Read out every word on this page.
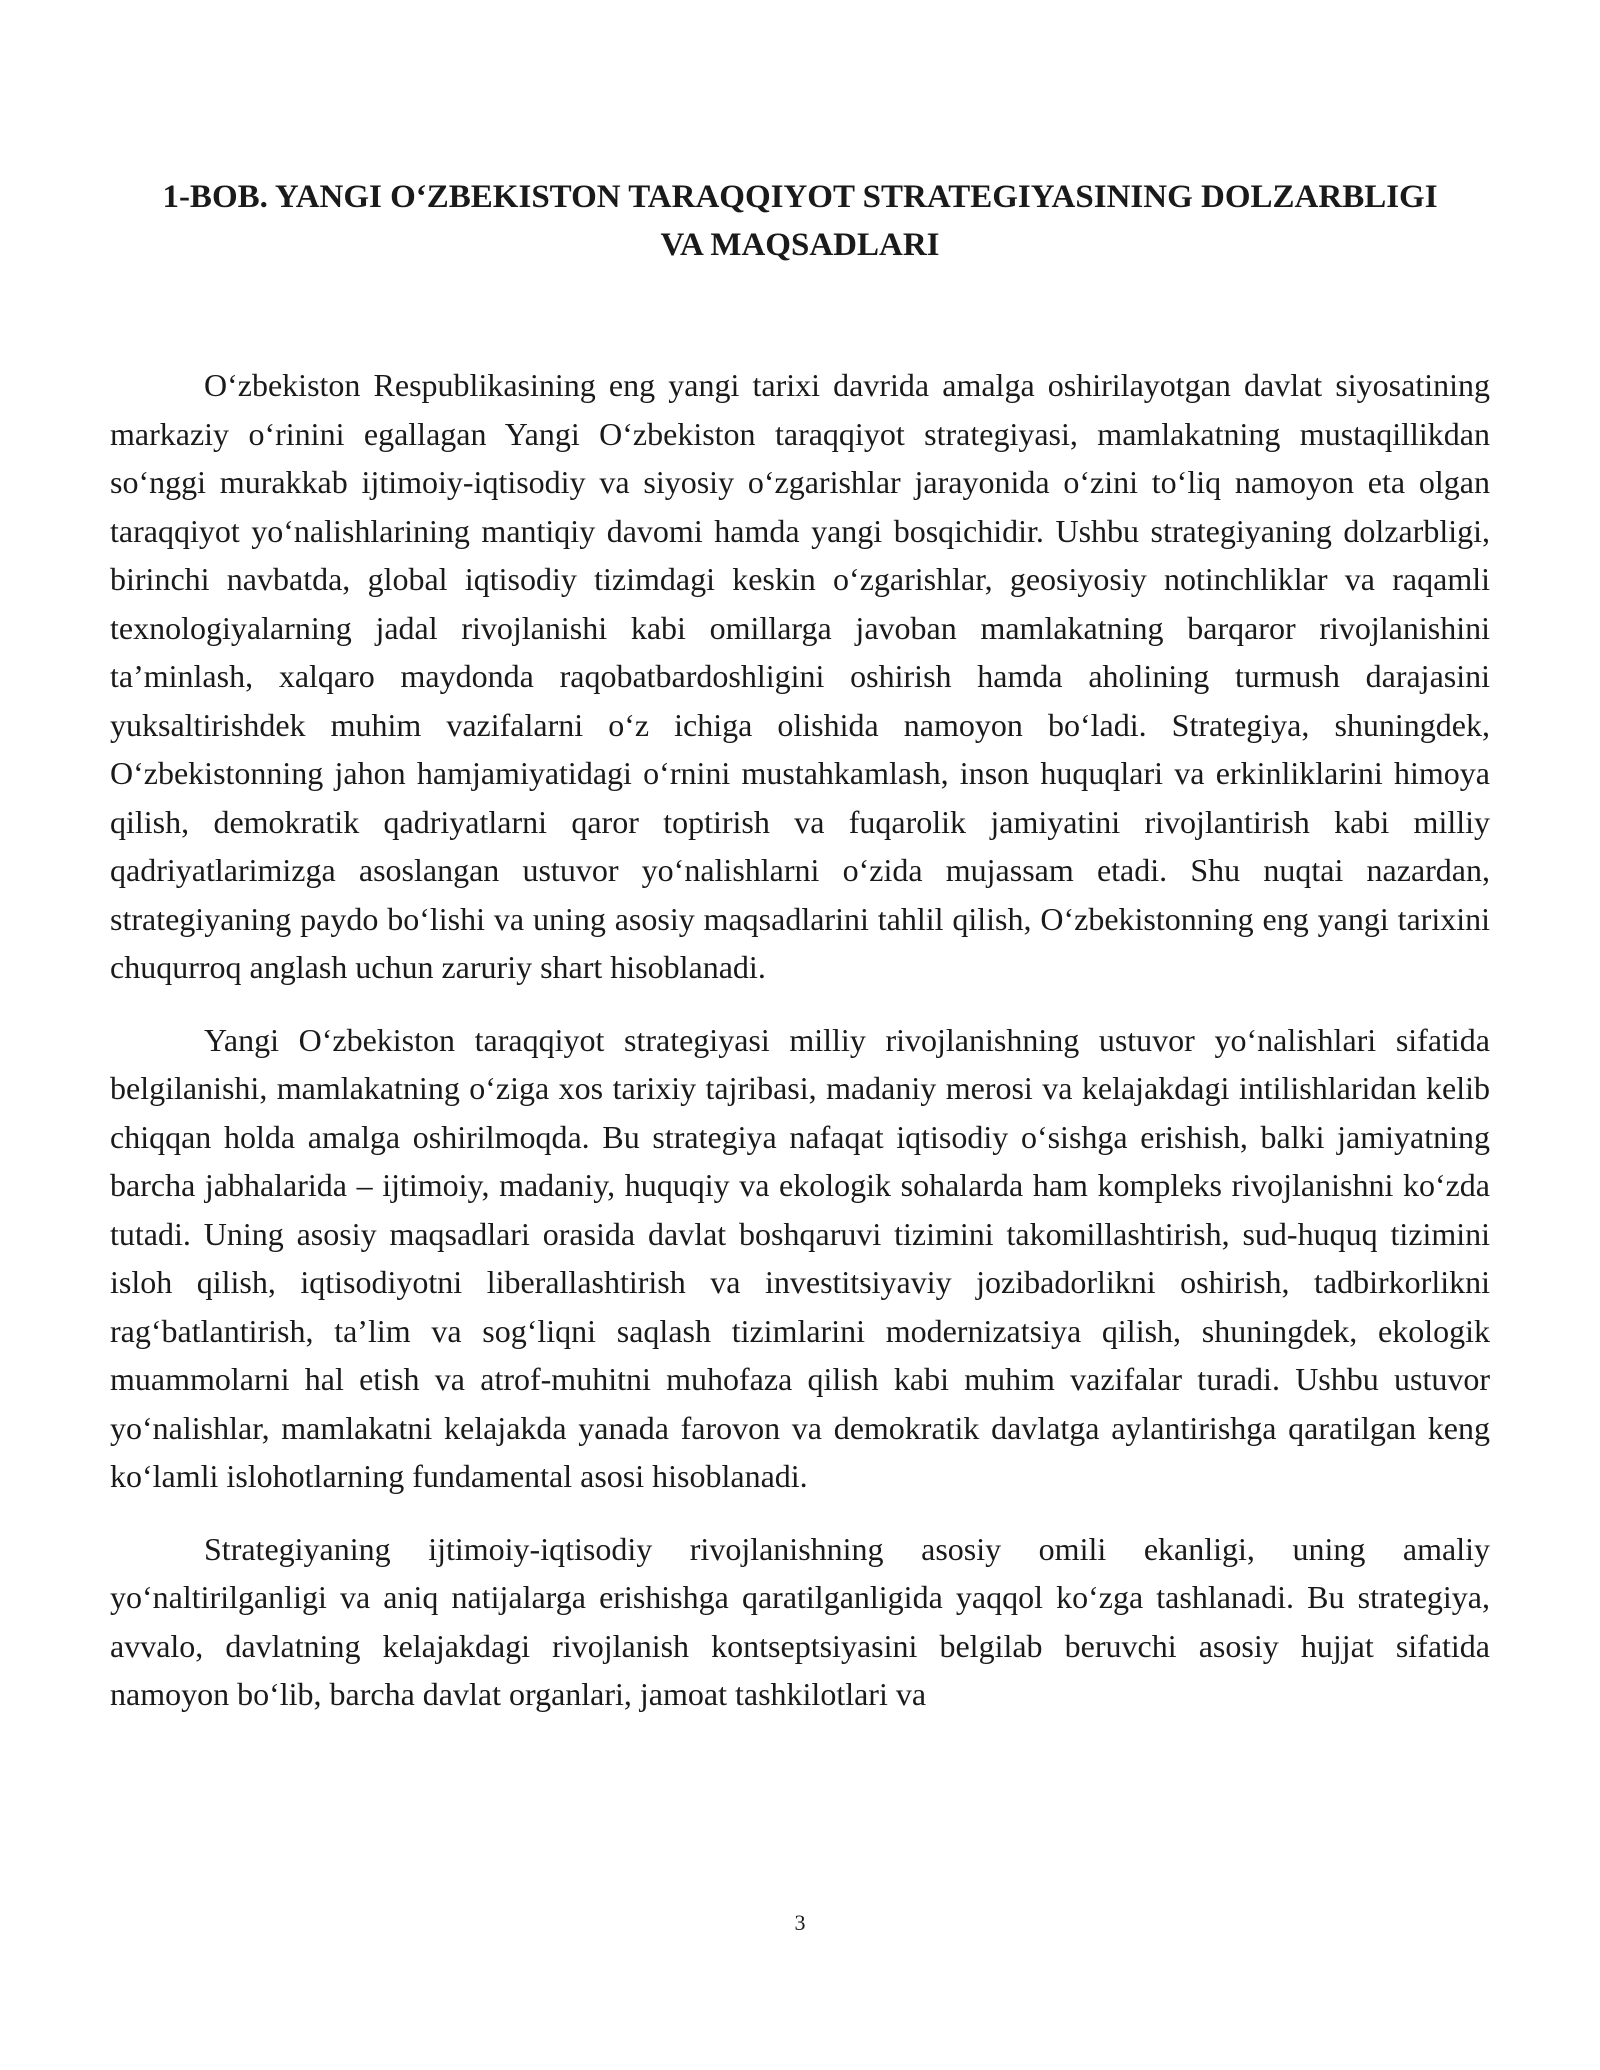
1-BOB. YANGI O‘ZBEKISTON TARAQQIYOT STRATEGIYASINING DOLZARBLIGI VA MAQSADLARI

O‘zbekiston Respublikasining eng yangi tarixi davrida amalga oshirilayotgan davlat siyosatining markaziy o‘rinini egallagan Yangi O‘zbekiston taraqqiyot strategiyasi, mamlakatning mustaqillikdan so‘nggi murakkab ijtimoiy-iqtisodiy va siyosiy o‘zgarishlar jarayonida o‘zini to‘liq namoyon eta olgan taraqqiyot yo‘nalishlarining mantiqiy davomi hamda yangi bosqichidir. Ushbu strategiyaning dolzarbligi, birinchi navbatda, global iqtisodiy tizimdagi keskin o‘zgarishlar, geosiyosiy notinchliklar va raqamli texnologiyalarning jadal rivojlanishi kabi omillarga javoban mamlakatning barqaror rivojlanishini ta’minlash, xalqaro maydonda raqobatbardoshligini oshirish hamda aholining turmush darajasini yuksaltirishdek muhim vazifalarni o‘z ichiga olishida namoyon bo‘ladi. Strategiya, shuningdek, O‘zbekistonning jahon hamjamiyatidagi o‘rnini mustahkamlash, inson huquqlari va erkinliklarini himoya qilish, demokratik qadriyatlarni qaror toptirish va fuqarolik jamiyatini rivojlantirish kabi milliy qadriyatlarimizga asoslangan ustuvor yo‘nalishlarni o‘zida mujassam etadi. Shu nuqtai nazardan, strategiyaning paydo bo‘lishi va uning asosiy maqsadlarini tahlil qilish, O‘zbekistonning eng yangi tarixini chuqurroq anglash uchun zaruriy shart hisoblanadi.

Yangi O‘zbekiston taraqqiyot strategiyasi milliy rivojlanishning ustuvor yo‘nalishlari sifatida belgilanishi, mamlakatning o‘ziga xos tarixiy tajribasi, madaniy merosi va kelajakdagi intilishlaridan kelib chiqqan holda amalga oshirilmoqda. Bu strategiya nafaqat iqtisodiy o‘sishga erishish, balki jamiyatning barcha jabhalarida – ijtimoiy, madaniy, huquqiy va ekologik sohalarda ham kompleks rivojlanishni ko‘zda tutadi. Uning asosiy maqsadlari orasida davlat boshqaruvi tizimini takomillashtirish, sud-huquq tizimini isloh qilish, iqtisodiyotni liberallashtirish va investitsiyaviy jozibadorlikni oshirish, tadbirkorlikni rag‘batlantirish, ta’lim va sog‘liqni saqlash tizimlarini modernizatsiya qilish, shuningdek, ekologik muammolarni hal etish va atrof-muhitni muhofaza qilish kabi muhim vazifalar turadi. Ushbu ustuvor yo‘nalishlar, mamlakatni kelajakda yanada farovon va demokratik davlatga aylantirishga qaratilgan keng ko‘lamli islohotlarning fundamental asosi hisoblanadi.

Strategiyaning ijtimoiy-iqtisodiy rivojlanishning asosiy omili ekanligi, uning amaliy yo‘naltirilganligi va aniq natijalarga erishishga qaratilganligida yaqqol ko‘zga tashlanadi. Bu strategiya, avvalo, davlatning kelajakdagi rivojlanish kontseptsiyasini belgilab beruvchi asosiy hujjat sifatida namoyon bo‘lib, barcha davlat organlari, jamoat tashkilotlari va

3
